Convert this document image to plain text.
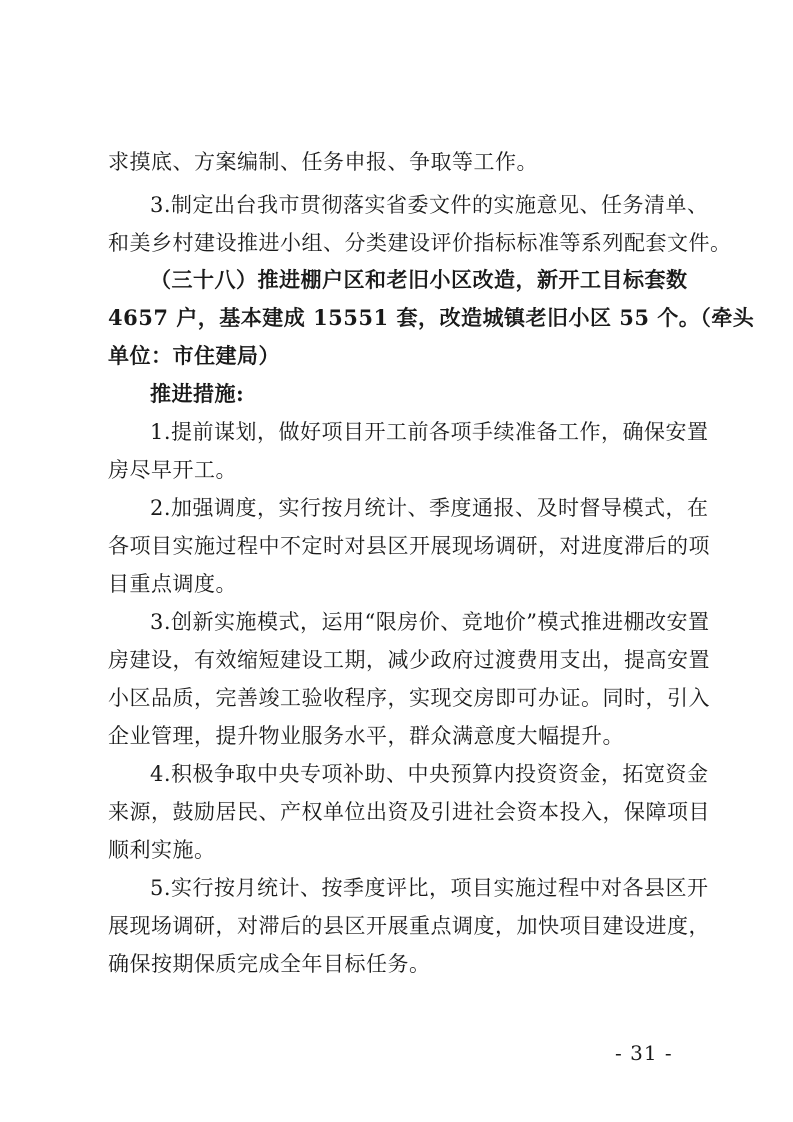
求摸底、方案编制、任务申报、争取等工作。
3.制定出台我市贯彻落实省委文件的实施意见、任务清单、
和美乡村建设推进小组、分类建设评价指标标准等系列配套文件。
（三十八）推进棚户区和老旧小区改造，新开工目标套数
4657 户，基本建成 15551 套，改造城镇老旧小区 55 个。（牵头
单位：市住建局）
推进措施:
1.提前谋划，做好项目开工前各项手续准备工作，确保安置
房尽早开工。
2.加强调度，实行按月统计、季度通报、及时督导模式，在
各项目实施过程中不定时对县区开展现场调研，对进度滞后的项
目重点调度。
3.创新实施模式，运用“限房价、竞地价”模式推进棚改安置
房建设，有效缩短建设工期，减少政府过渡费用支出，提高安置
小区品质，完善竣工验收程序，实现交房即可办证。同时，引入
企业管理，提升物业服务水平，群众满意度大幅提升。
4.积极争取中央专项补助、中央预算内投资资金，拓宽资金
来源，鼓励居民、产权单位出资及引进社会资本投入，保障项目
顺利实施。
5.实行按月统计、按季度评比，项目实施过程中对各县区开
展现场调研，对滞后的县区开展重点调度，加快项目建设进度，
确保按期保质完成全年目标任务。
- 31 -
